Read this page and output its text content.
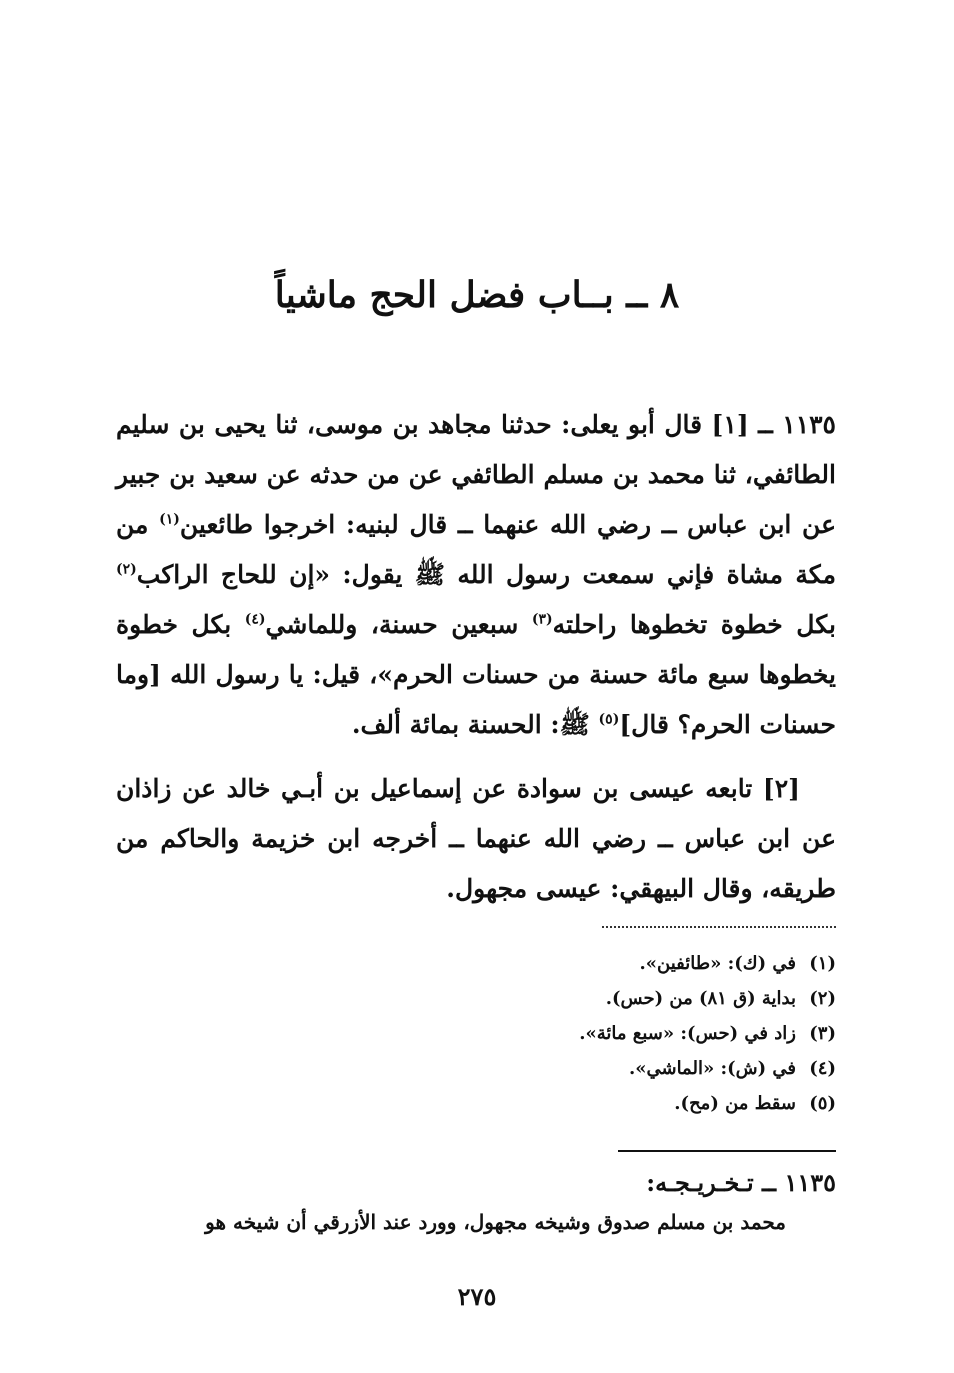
٨ ــ بــاب فضل الحج ماشياً

١١٣٥ ــ [١] قال أبو يعلى: حدثنا مجاهد بن موسى، ثنا يحيى بن سليم الطائفي، ثنا محمد بن مسلم الطائفي عن من حدثه عن سعيد بن جبير عن ابن عباس ــ رضي الله عنهما ــ قال لبنيه: اخرجوا طائعين$^{(١)}$ من مكة مشاة فإني سمعت رسول الله ﷺ يقول: «إن للحاج الراكب$^{(٢)}$ بكل خطوة تخطوها راحلته$^{(٣)}$ سبعين حسنة، وللماشي$^{(٤)}$ بكل خطوة يخطوها سبع مائة حسنة من حسنات الحرم»، قيل: يا رسول الله [وما حسنات الحرم؟ قال]$^{(٥)}$ ﷺ: الحسنة بمائة ألف.

[٢] تابعه عيسى بن سوادة عن إسماعيل بن أبـي خالد عن زاذان عن ابن عباس ــ رضي الله عنهما ــ أخرجه ابن خزيمة والحاكم من طريقه، وقال البيهقي: عيسى مجهول.

(١)في (ك): «طائفين».
(٢)بداية (ق ٨١) من (حس).
(٣)زاد في (حس): «سبع مائة».
(٤)في (ش): «الماشي».
(٥)سقط من (مح).
١١٣٥ ــ تـخـريـجـه:
محمد بن مسلم صدوق وشيخه مجهول، وورد عند الأزرقي أن شيخه هو
٢٧٥
